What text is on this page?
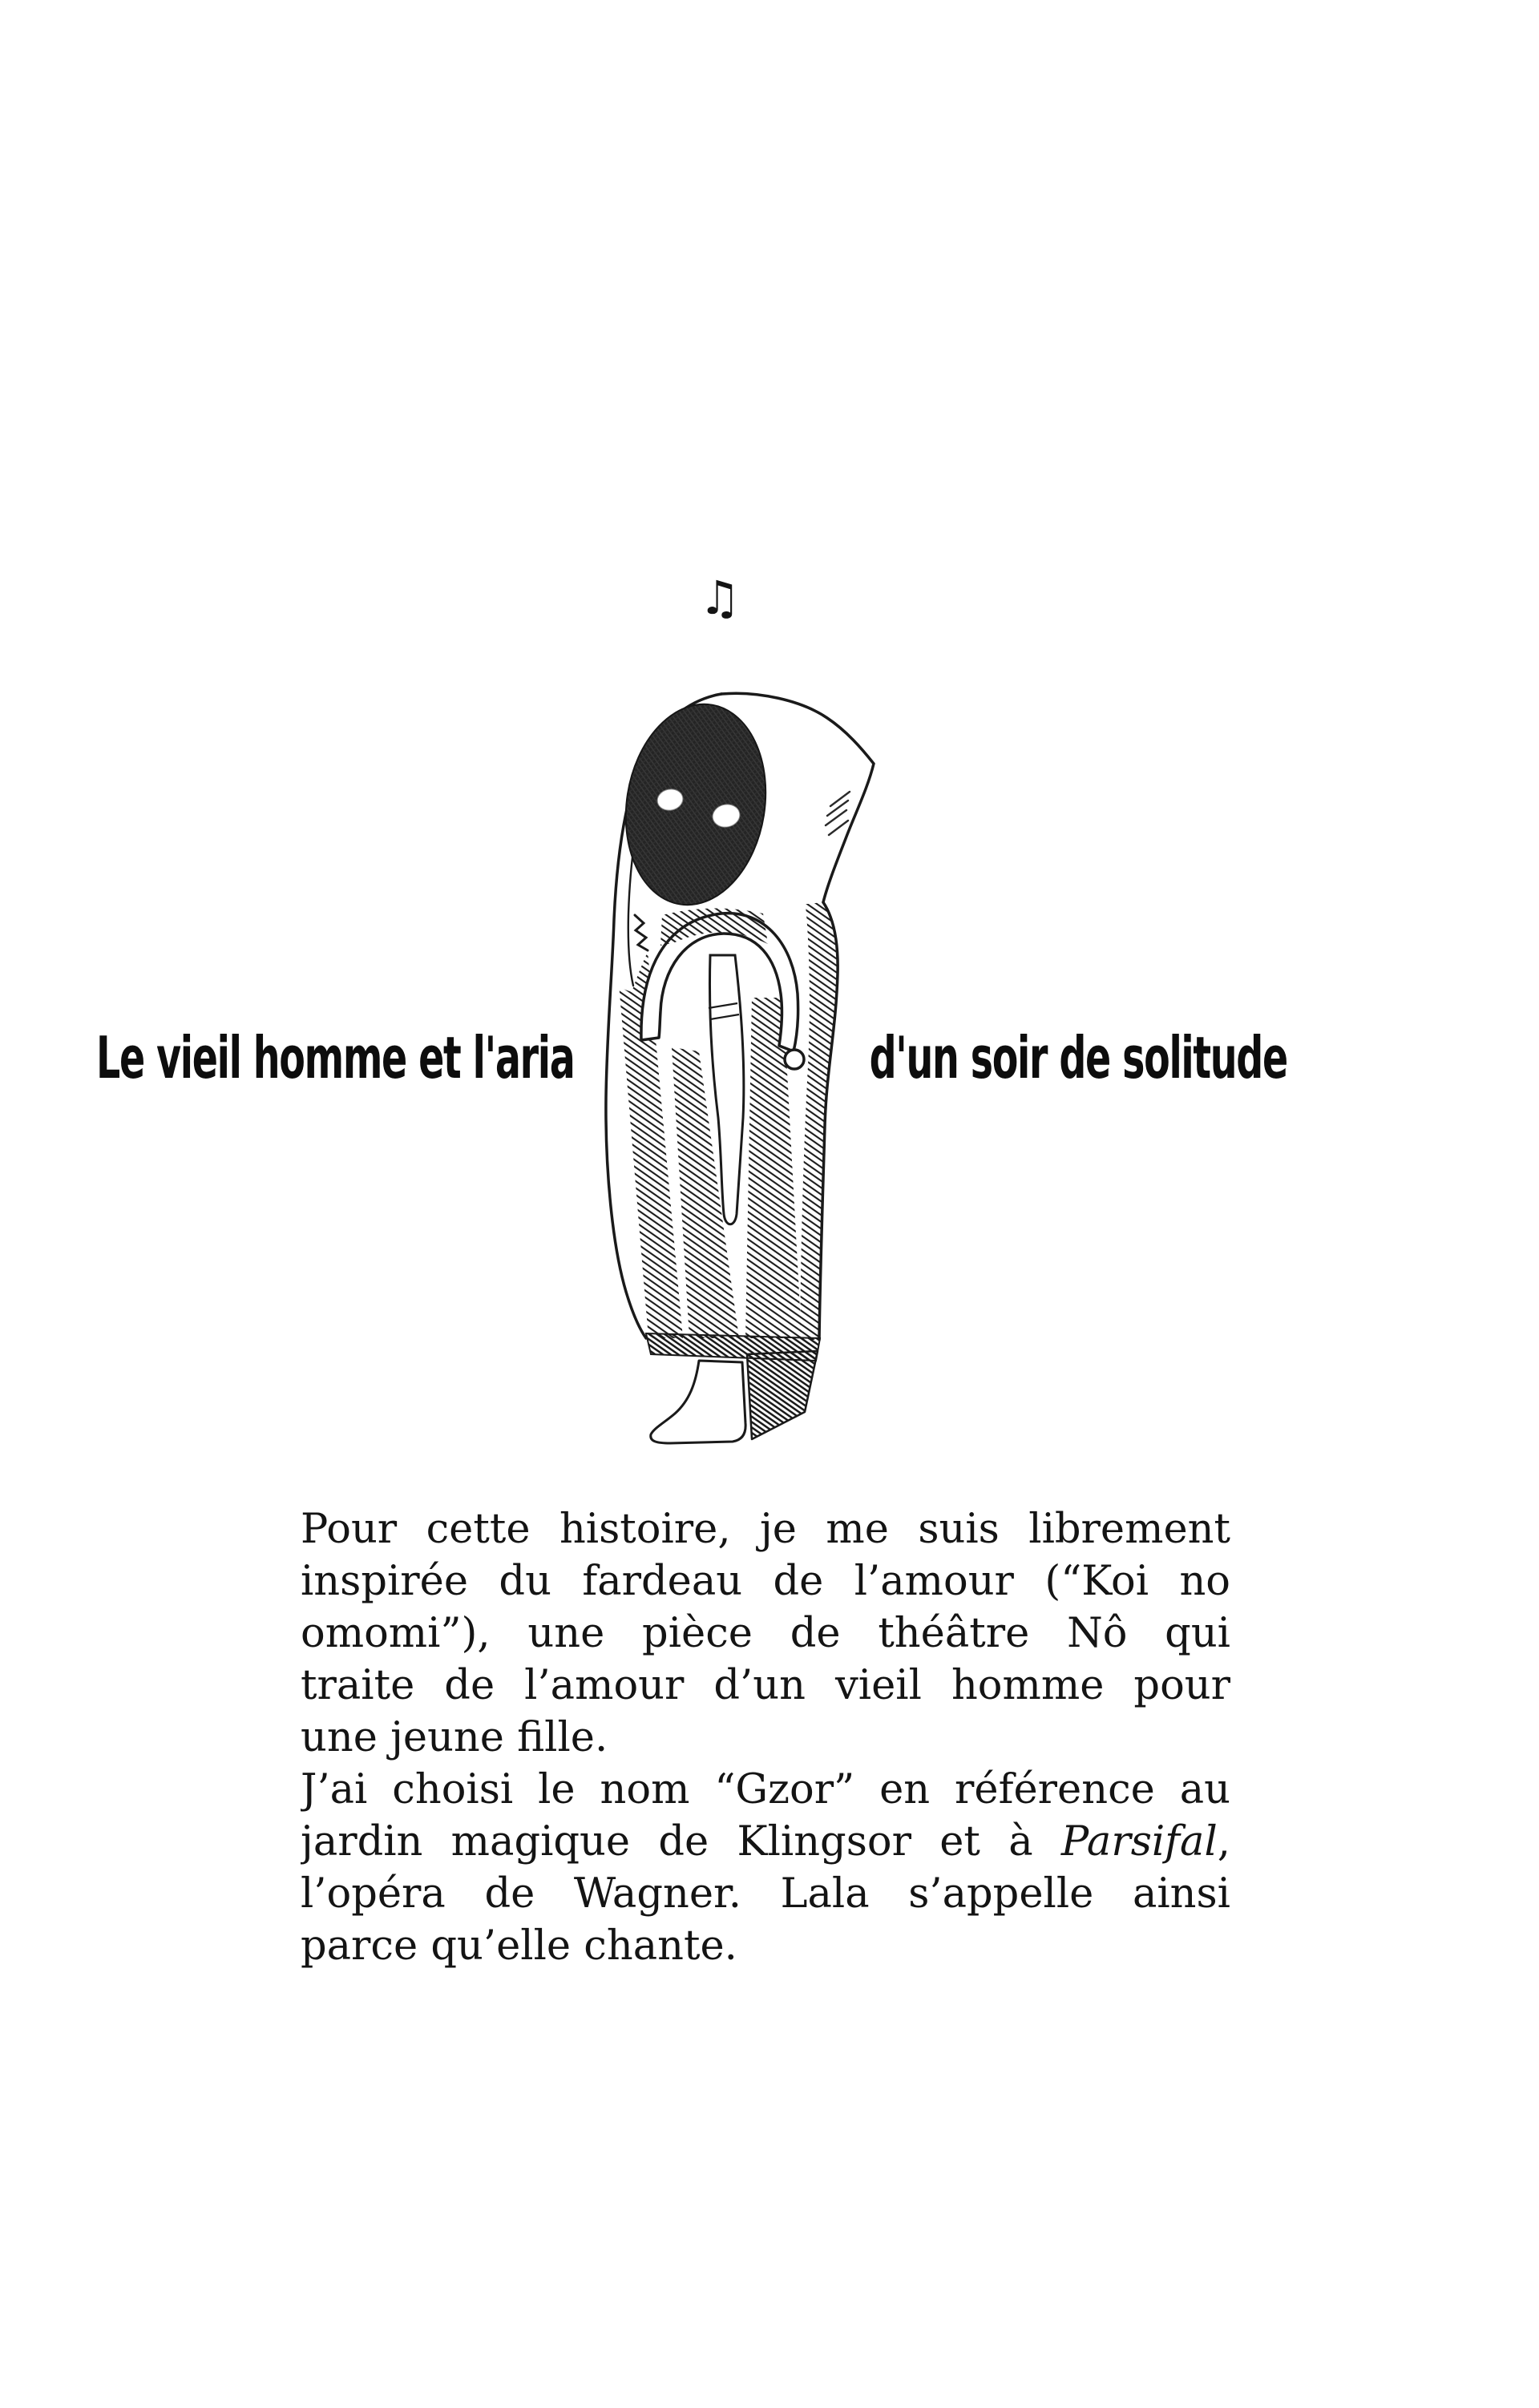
♫
Le vieil homme et l'aria	d'un soir de solitude
Pour cette histoire, je me suis librement
inspirée du fardeau de l’amour (“Koi no
omomi”), une pièce de théâtre Nô qui
traite de l’amour d’un vieil homme pour
une jeune fille.
J’ai choisi le nom “Gzor” en référence au
jardin magique de Klingsor et à Parsifal,
l’opéra de Wagner. Lala s’appelle ainsi
parce qu’elle chante.
